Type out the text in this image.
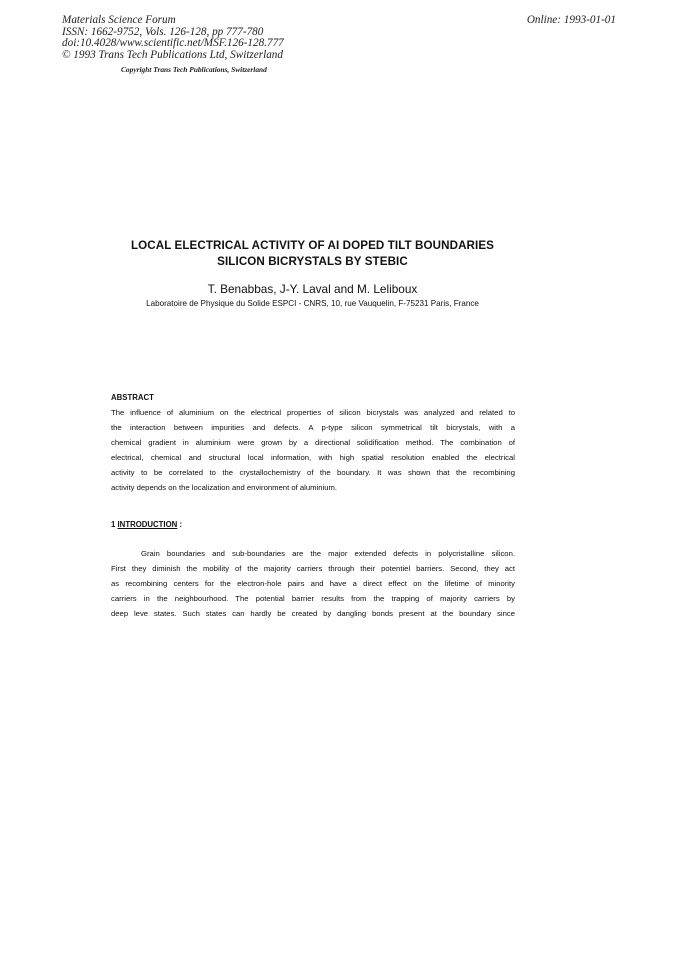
Materials Science Forum
ISSN: 1662-9752, Vols. 126-128, pp 777-780
doi:10.4028/www.scientific.net/MSF.126-128.777
© 1993 Trans Tech Publications Ltd, Switzerland
Online: 1993-01-01
Copyright Trans Tech Publications, Switzerland
LOCAL ELECTRICAL ACTIVITY OF AI DOPED TILT BOUNDARIES
SILICON BICRYSTALS BY STEBIC
T. Benabbas, J-Y. Laval and M. Leliboux
Laboratoire de Physique du Solide ESPCI - CNRS, 10, rue Vauquelin, F-75231 Paris, France
ABSTRACT
The influence of aluminium on the electrical properties of silicon bicrystals was analyzed and related to
the interaction between impurities and defects. A p-type silicon symmetrical tilt bicrystals, with a
chemical gradient in aluminium were grown by a directional solidification method. The combination of
electrical, chemical and structural local information, with high spatial resolution enabled the electrical
activity to be correlated to the crystallochemistry of the boundary. It was shown that the recombining
activity depends on the localization and environment of aluminium.
1 INTRODUCTION :
Grain boundaries and sub-boundaries are the major extended defects in polycristalline silicon.
First they diminish the mobility of the majority carriers through their potentiel barriers. Second, they act
as recombining centers for the electron-hole pairs and have a direct effect on the lifetime of minority
carriers in the neighbourhood. The potential barrier results from the trapping of majority carriers by
deep leve states. Such states can hardly be created by dangling bonds present at the boundary since
